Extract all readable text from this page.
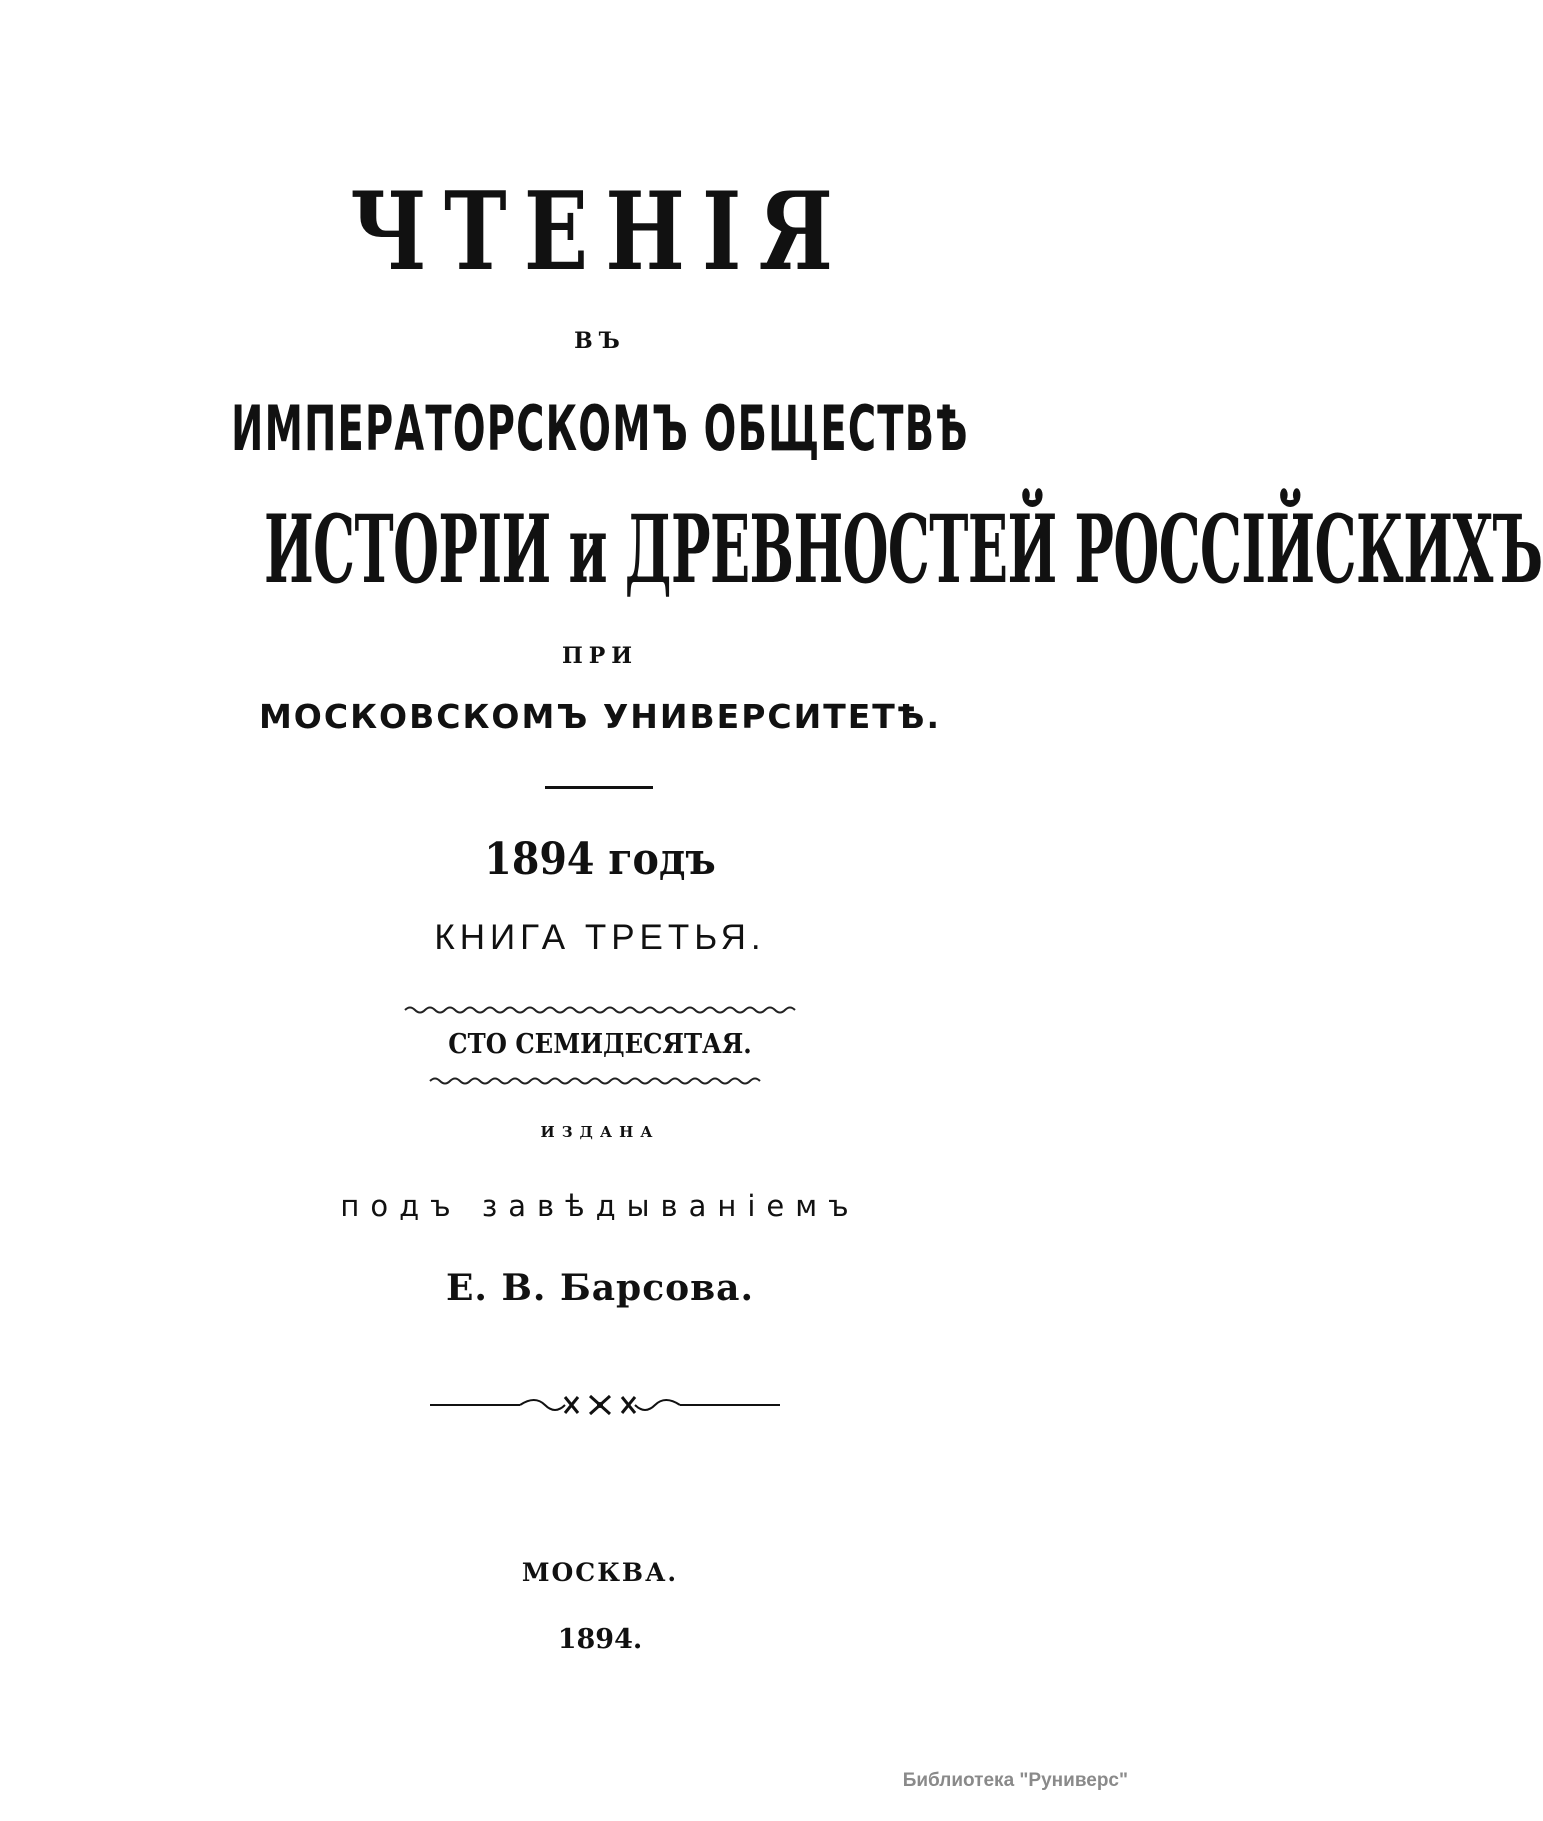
ЧТЕНІЯ
ВЪ
ИМПЕРАТОРСКОМЪ ОБЩЕСТВѢ
ИСТОРІИ и ДРЕВНОСТЕЙ РОССІЙСКИХЪ
ПРИ
МОСКОВСКОМЪ УНИВЕРСИТЕТѢ.
1894 годъ
КНИГА ТРЕТЬЯ.
СТО СЕМИДЕСЯТАЯ.
ИЗДАНА
подъ завѣдываніемъ
Е. В. Барсова.
МОСКВА.
1894.
Библиотека "Руниверс"
